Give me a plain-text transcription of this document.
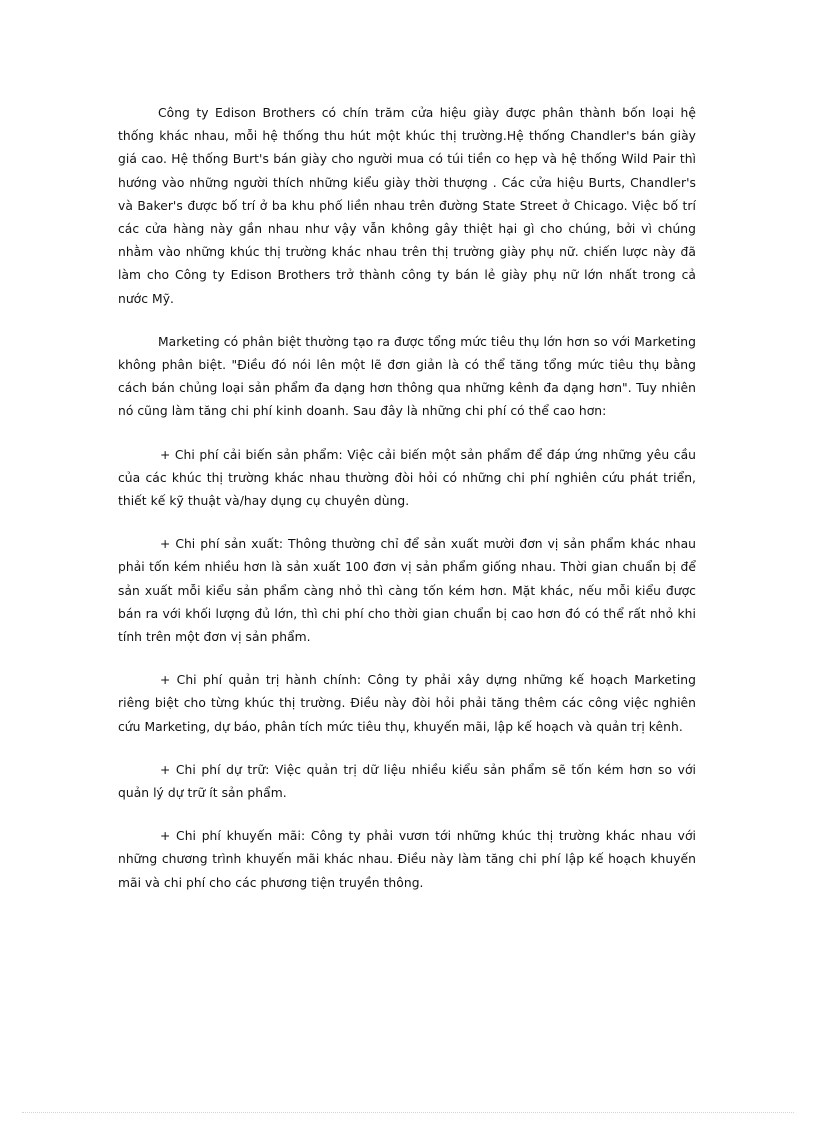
Công ty Edison Brothers có chín trăm cửa hiệu giày được phân thành bốn loại hệ thống khác nhau, mỗi hệ thống thu hút một khúc thị trường.Hệ thống Chandler's bán giày giá cao. Hệ thống Burt's bán giày cho người mua có túi tiền co hẹp và hệ thống Wild Pair thì hướng vào những người thích những kiểu giày thời thượng . Các cửa hiệu Burts, Chandler's và Baker's được bố trí ở ba khu phố liền nhau trên đường State Street ở Chicago. Việc bố trí các cửa hàng này gần nhau như vậy vẫn không gây thiệt hại gì cho chúng, bởi vì chúng nhằm vào những khúc thị trường khác nhau trên thị trường giày phụ nữ. chiến lược này đã làm cho Công ty Edison Brothers trở thành công ty bán lẻ giày phụ nữ lớn nhất trong cả nước Mỹ.

Marketing có phân biệt thường tạo ra được tổng mức tiêu thụ lớn hơn so với Marketing không phân biệt. "Điều đó nói lên một lẽ đơn giản là có thể tăng tổng mức tiêu thụ bằng cách bán chủng loại sản phẩm đa dạng hơn thông qua những kênh đa dạng hơn". Tuy nhiên nó cũng làm tăng chi phí kinh doanh. Sau đây là những chi phí có thể cao hơn:

+ Chi phí cải biến sản phẩm: Việc cải biến một sản phẩm để đáp ứng những yêu cầu của các khúc thị trường khác nhau thường đòi hỏi có những chi phí nghiên cứu phát triển, thiết kế kỹ thuật và/hay dụng cụ chuyên dùng.

+ Chi phí sản xuất: Thông thường chỉ để sản xuất mười đơn vị sản phẩm khác nhau phải tốn kém nhiều hơn là sản xuất 100 đơn vị sản phẩm giống nhau. Thời gian chuẩn bị để sản xuất mỗi kiểu sản phẩm càng nhỏ thì càng tốn kém hơn. Mặt khác, nếu mỗi kiểu được bán ra với khối lượng đủ lớn, thì chi phí cho thời gian chuẩn bị cao hơn đó có thể rất nhỏ khi tính trên một đơn vị sản phẩm.

+ Chi phí quản trị hành chính: Công ty phải xây dựng những kế hoạch Marketing riêng biệt cho từng khúc thị trường. Điều này đòi hỏi phải tăng thêm các công việc nghiên cứu Marketing, dự báo, phân tích mức tiêu thụ, khuyến mãi, lập kế hoạch và quản trị kênh.

+ Chi phí dự trữ: Việc quản trị dữ liệu nhiều kiểu sản phẩm sẽ tốn kém hơn so với quản lý dự trữ ít sản phẩm.

+ Chi phí khuyến mãi: Công ty phải vươn tới những khúc thị trường khác nhau với những chương trình khuyến mãi khác nhau. Điều này làm tăng chi phí lập kế hoạch khuyến mãi và chi phí cho các phương tiện truyền thông.
